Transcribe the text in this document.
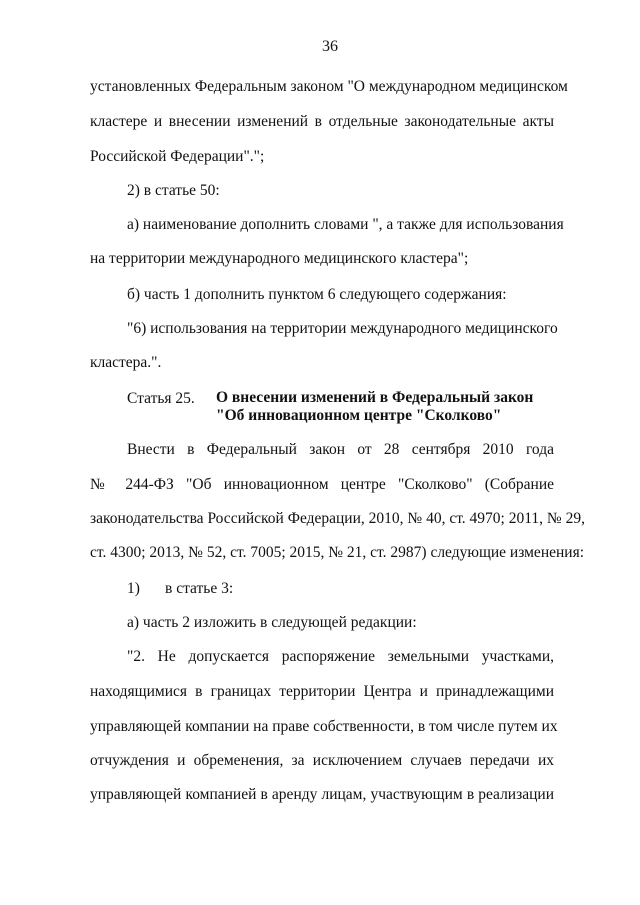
36
установленных Федеральным законом "О международном медицинском
кластере и внесении изменений в отдельные законодательные акты
Российской Федерации".";
2) в статье 50:
а) наименование дополнить словами ", а также для использования
на территории международного медицинского кластера";
б) часть 1 дополнить пунктом 6 следующего содержания:
"6) использования на территории международного медицинского
кластера.".
Статья 25. О внесении изменений в Федеральный закон
"Об инновационном центре "Сколково"
Внести в Федеральный закон от 28 сентября 2010 года
№ 244-ФЗ "Об инновационном центре "Сколково" (Собрание
законодательства Российской Федерации, 2010, № 40, ст. 4970; 2011, № 29,
ст. 4300; 2013, № 52, ст. 7005; 2015, № 21, ст. 2987) следующие изменения:
1) в статье 3:
а) часть 2 изложить в следующей редакции:
"2. Не допускается распоряжение земельными участками,
находящимися в границах территории Центра и принадлежащими
управляющей компании на праве собственности, в том числе путем их
отчуждения и обременения, за исключением случаев передачи их
управляющей компанией в аренду лицам, участвующим в реализации
